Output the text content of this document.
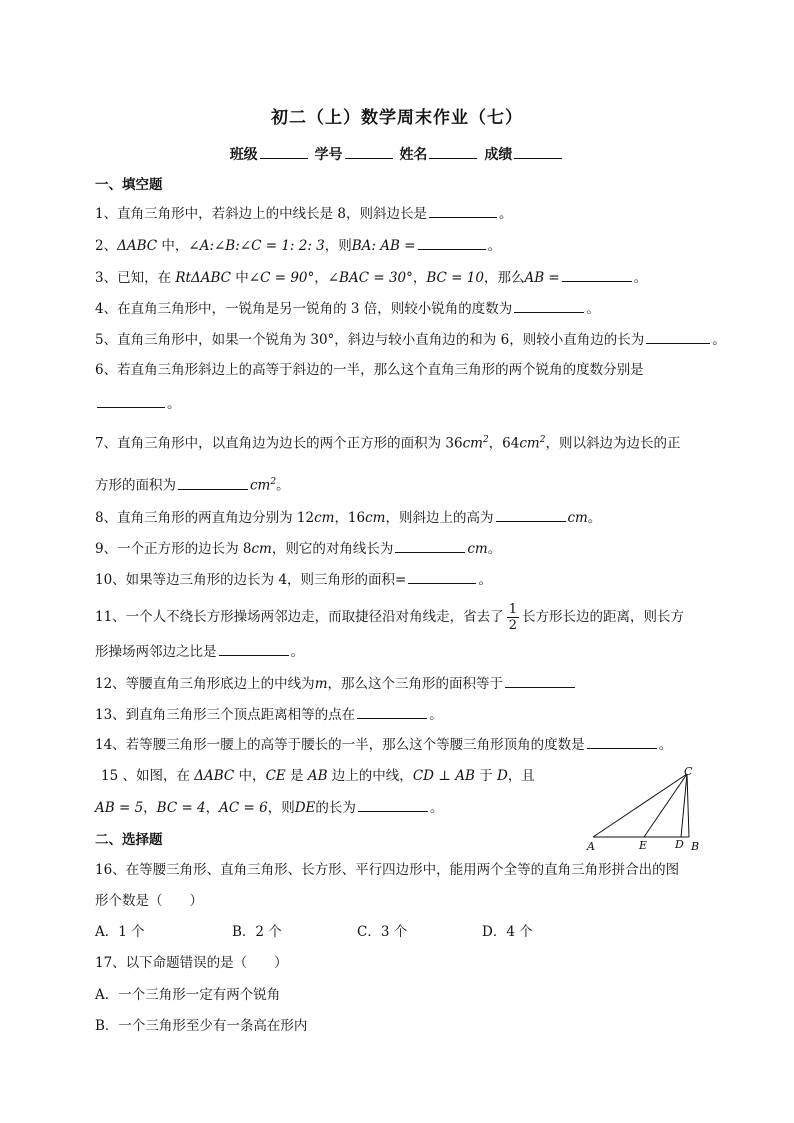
初二（上）数学周末作业（七）
班级	学号	姓名	成绩
一、填空题
1、直角三角形中，若斜边上的中线长是 8，则斜边长是	。
2、ΔABC 中，∠A:∠B:∠C = 1: 2: 3，则BA: AB =	。
3、已知，在 RtΔABC 中∠C = 90°，∠BAC = 30°，BC = 10，那么AB =	。
4、在直角三角形中，一锐角是另一锐角的 3 倍，则较小锐角的度数为	。
5、直角三角形中，如果一个锐角为 30°，斜边与较小直角边的和为 6，则较小直角边的长为	。
6、若直角三角形斜边上的高等于斜边的一半，那么这个直角三角形的两个锐角的度数分别是
。
7、直角三角形中，以直角边为边长的两个正方形的面积为 $36cm^2$，$64cm^2$，则以斜边为边长的正
方形的面积为	$cm^2$。
8、直角三角形的两直角边分别为 12cm，16cm，则斜边上的高为	cm。
9、一个正方形的边长为 8cm，则它的对角线长为	cm。
10、如果等边三角形的边长为 4，则三角形的面积=	。
11、一个人不绕长方形操场两邻边走，而取捷径沿对角线走，省去了 $\frac{1}{2}$ 长方形长边的距离，则长方
形操场两邻边之比是	。
12、等腰直角三角形底边上的中线为m，那么这个三角形的面积等于
13、到直角三角形三个顶点距离相等的点在	。
14、若等腰三角形一腰上的高等于腰长的一半，那么这个等腰三角形顶角的度数是	。
15 、如图，在 ΔABC 中，CE 是 AB 边上的中线，CD ⊥ AB 于 D，且
AB = 5，BC = 4，AC = 6，则DE的长为	。
A	E	D B
C
二、选择题
16、在等腰三角形、直角三角形、长方形、平行四边形中，能用两个全等的直角三角形拼合出的图
形个数是（　　）
A．1 个	B．2 个	C．3 个	D．4 个
17、以下命题错误的是（　　）
A．一个三角形一定有两个锐角
B．一个三角形至少有一条高在形内
